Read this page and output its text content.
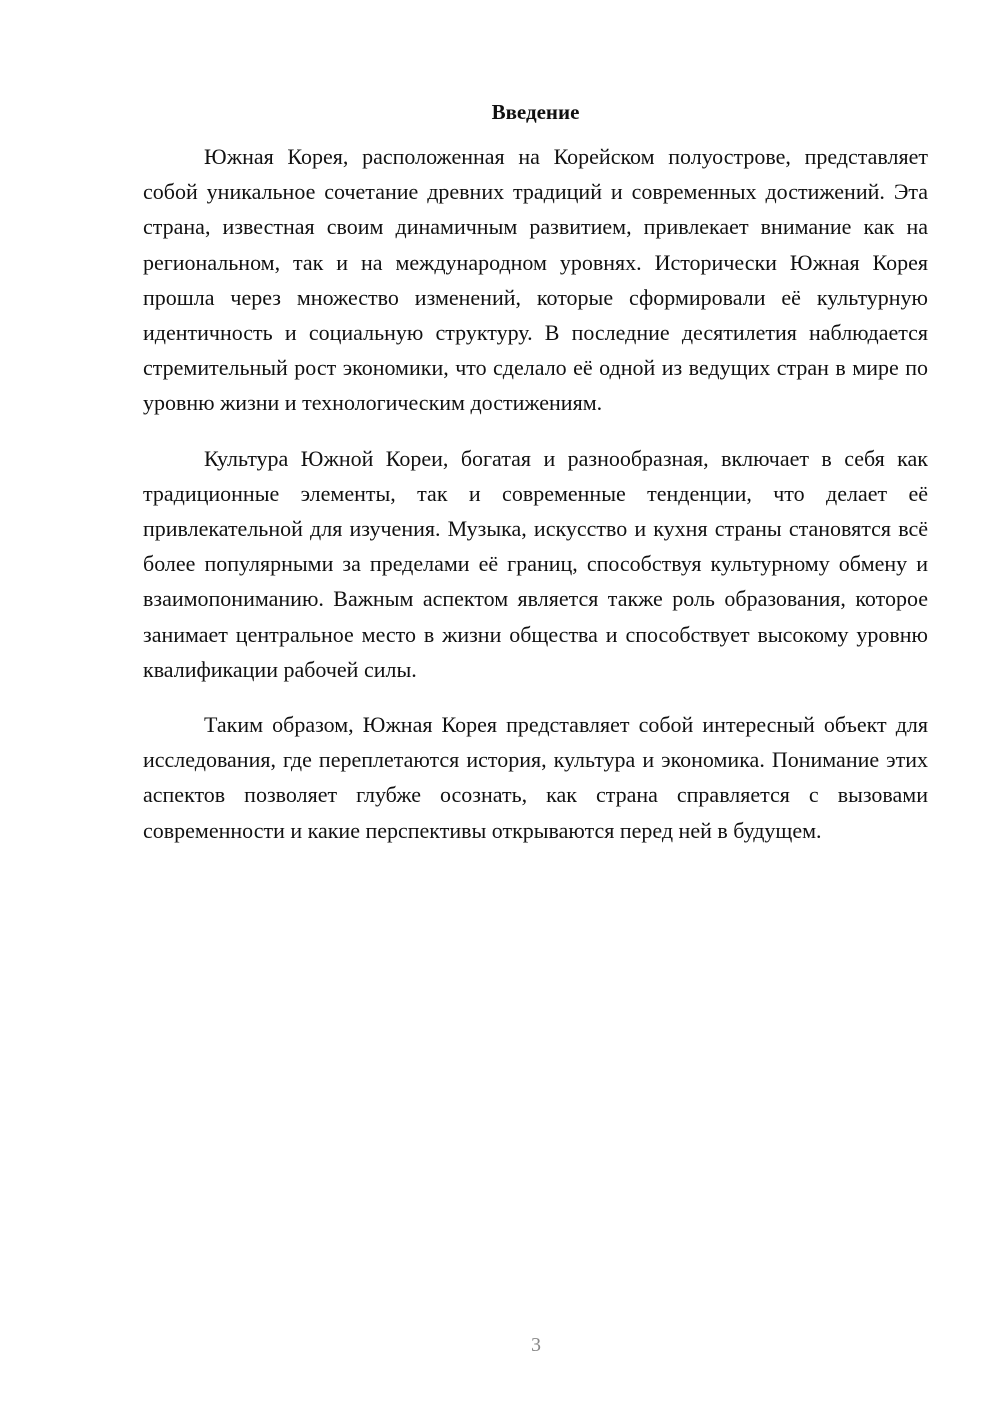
Введение

Южная Корея, расположенная на Корейском полуострове, представляет собой уникальное сочетание древних традиций и современных достижений. Эта страна, известная своим динамичным развитием, привлекает внимание как на региональном, так и на международном уровнях. Исторически Южная Корея прошла через множество изменений, которые сформировали её культурную идентичность и социальную структуру. В последние десятилетия наблюдается стремительный рост экономики, что сделало её одной из ведущих стран в мире по уровню жизни и технологическим достижениям.

Культура Южной Кореи, богатая и разнообразная, включает в себя как традиционные элементы, так и современные тенденции, что делает её привлекательной для изучения. Музыка, искусство и кухня страны становятся всё более популярными за пределами её границ, способствуя культурному обмену и взаимопониманию. Важным аспектом является также роль образования, которое занимает центральное место в жизни общества и способствует высокому уровню квалификации рабочей силы.

Таким образом, Южная Корея представляет собой интересный объект для исследования, где переплетаются история, культура и экономика. Понимание этих аспектов позволяет глубже осознать, как страна справляется с вызовами современности и какие перспективы открываются перед ней в будущем.

3
